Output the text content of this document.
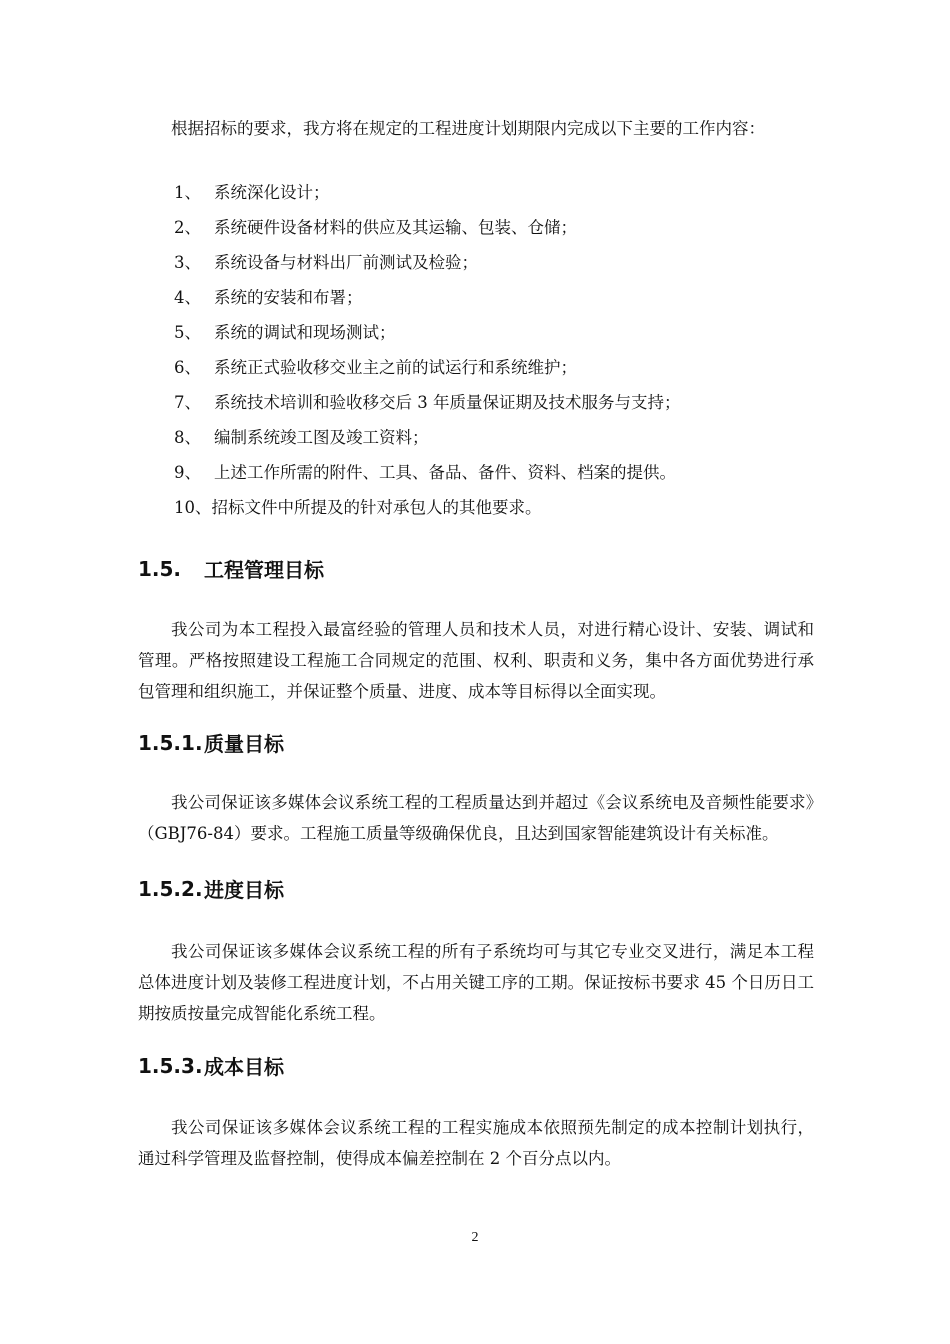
根据招标的要求，我方将在规定的工程进度计划期限内完成以下主要的工作内容：

1、 系统深化设计；
2、 系统硬件设备材料的供应及其运输、包装、仓储；
3、 系统设备与材料出厂前测试及检验；
4、 系统的安装和布署；
5、 系统的调试和现场测试；
6、 系统正式验收移交业主之前的试运行和系统维护；
7、 系统技术培训和验收移交后 3 年质量保证期及技术服务与支持；
8、 编制系统竣工图及竣工资料；
9、 上述工作所需的附件、工具、备品、备件、资料、档案的提供。
10、 招标文件中所提及的针对承包人的其他要求。
1.5.	工程管理目标

我公司为本工程投入最富经验的管理人员和技术人员，对进行精心设计、安装、调试和管理。严格按照建设工程施工合同规定的范围、权利、职责和义务，集中各方面优势进行承包管理和组织施工，并保证整个质量、进度、成本等目标得以全面实现。

1.5.1. 质量目标

我公司保证该多媒体会议系统工程的工程质量达到并超过《会议系统电及音频性能要求》（GBJ76-84）要求。工程施工质量等级确保优良，且达到国家智能建筑设计有关标准。

1.5.2. 进度目标

我公司保证该多媒体会议系统工程的所有子系统均可与其它专业交叉进行，满足本工程总体进度计划及装修工程进度计划，不占用关键工序的工期。保证按标书要求 45 个日历日工期按质按量完成智能化系统工程。

1.5.3. 成本目标

我公司保证该多媒体会议系统工程的工程实施成本依照预先制定的成本控制计划执行，通过科学管理及监督控制，使得成本偏差控制在 2 个百分点以内。

2
